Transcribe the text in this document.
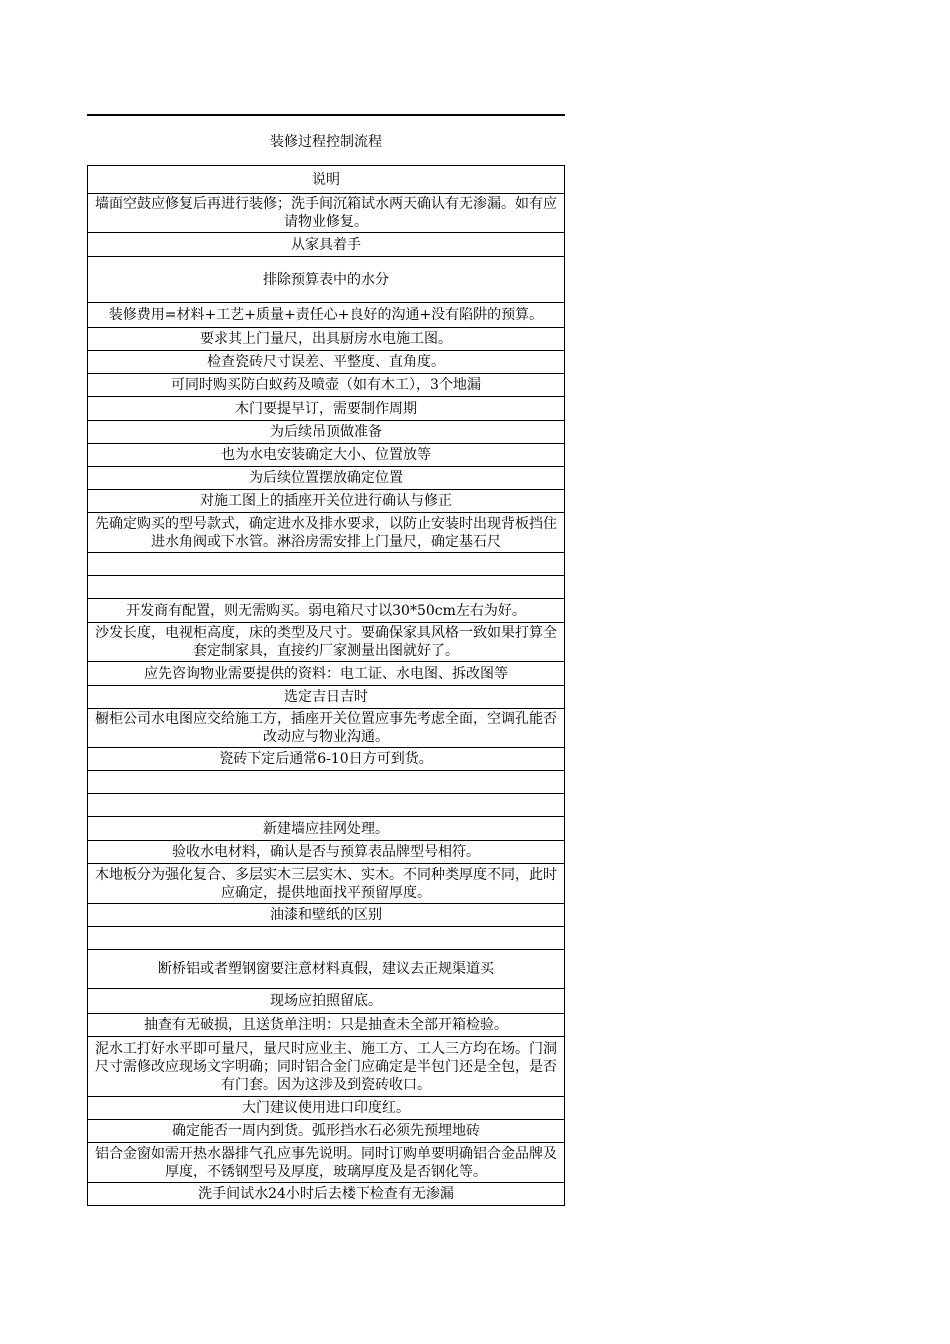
装修过程控制流程
说明
墙面空鼓应修复后再进行装修；洗手间沉箱试水两天确认有无渗漏。如有应请物业修复。
从家具着手
排除预算表中的水分
装修费用=材料+工艺+质量+责任心+良好的沟通+没有陷阱的预算。
要求其上门量尺，出具厨房水电施工图。
检查瓷砖尺寸误差、平整度、直角度。
可同时购买防白蚁药及喷壶（如有木工），3个地漏
木门要提早订，需要制作周期
为后续吊顶做准备
也为水电安装确定大小、位置放等
为后续位置摆放确定位置
对施工图上的插座开关位进行确认与修正
先确定购买的型号款式，确定进水及排水要求，以防止安装时出现背板挡住进水角阀或下水管。淋浴房需安排上门量尺，确定基石尺

开发商有配置，则无需购买。弱电箱尺寸以30*50cm左右为好。
沙发长度，电视柜高度，床的类型及尺寸。要确保家具风格一致如果打算全套定制家具，直接约厂家测量出图就好了。
应先咨询物业需要提供的资料：电工证、水电图、拆改图等
选定吉日吉时
橱柜公司水电图应交给施工方，插座开关位置应事先考虑全面，空调孔能否改动应与物业沟通。
瓷砖下定后通常6-10日方可到货。

新建墙应挂网处理。
验收水电材料，确认是否与预算表品牌型号相符。
木地板分为强化复合、多层实木三层实木、实木。不同种类厚度不同，此时应确定，提供地面找平预留厚度。
油漆和壁纸的区别

断桥铝或者塑钢窗要注意材料真假，建议去正规渠道买
现场应拍照留底。
抽查有无破损，且送货单注明：只是抽查未全部开箱检验。
泥水工打好水平即可量尺，量尺时应业主、施工方、工人三方均在场。门洞尺寸需修改应现场文字明确；同时铝合金门应确定是半包门还是全包，是否有门套。因为这涉及到瓷砖收口。
大门建议使用进口印度红。
确定能否一周内到货。弧形挡水石必须先预埋地砖
铝合金窗如需开热水器排气孔应事先说明。同时订购单要明确铝合金品牌及厚度，不锈钢型号及厚度，玻璃厚度及是否钢化等。
洗手间试水24小时后去楼下检查有无渗漏
